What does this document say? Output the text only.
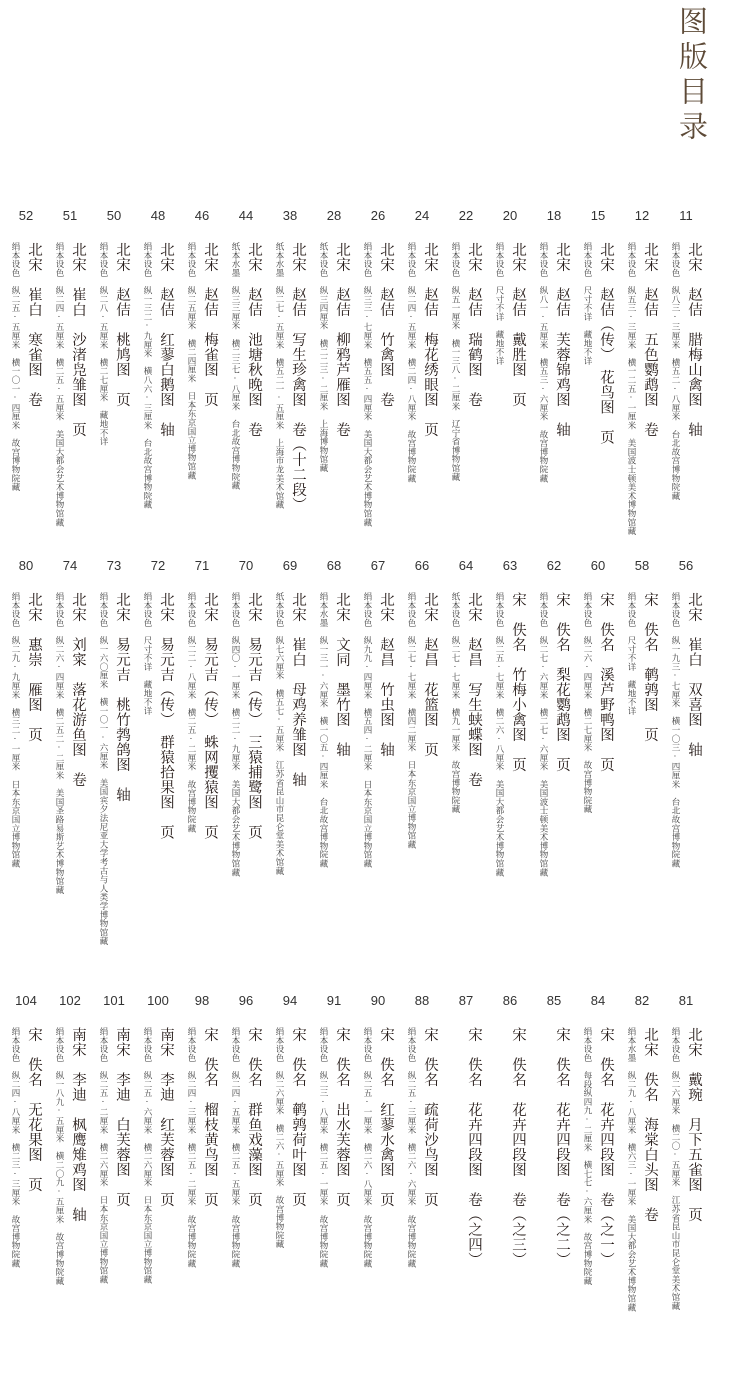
图版目录
11
北宋　赵佶　腊梅山禽图　轴
绢本设色　纵八三·三厘米　横五二·八厘米　台北故宫博物院藏
12
北宋　赵佶　五色鹦鹉图　卷
绢本设色　纵五三·三厘米　横一二五·一厘米　美国波士顿美术博物馆藏
15
北宋　赵佶（传）　花鸟图　页
绢本设色　尺寸不详　藏地不详
18
北宋　赵佶　芙蓉锦鸡图　轴
绢本设色　纵八一·五厘米　横五三·六厘米　故宫博物院藏
20
北宋　赵佶　戴胜图　页
绢本设色　尺寸不详　藏地不详
22
北宋　赵佶　瑞鹤图　卷
绢本设色　纵五一厘米　横一三八·二厘米　辽宁省博物馆藏
24
北宋　赵佶　梅花绣眼图　页
绢本设色　纵二四·五厘米　横二四·八厘米　故宫博物院藏
26
北宋　赵佶　竹禽图　卷
绢本设色　纵三三·七厘米　横五五·四厘米　美国大都会艺术博物馆藏
28
北宋　赵佶　柳鸦芦雁图　卷
纸本设色　纵三四厘米　横二二三·二厘米　上海博物馆藏
38
北宋　赵佶　写生珍禽图　卷（十二段）
纸本水墨　纵二七·五厘米　横五二一·五厘米　上海市龙美术馆藏
44
北宋　赵佶　池塘秋晚图　卷
纸本水墨　纵三三厘米　横二三七·八厘米　台北故宫博物院藏
46
北宋　赵佶　梅雀图　页
绢本设色　纵二五厘米　横二四厘米　日本东京国立博物馆藏
48
北宋　赵佶　红蓼白鹅图　轴
绢本设色　纵一三二·九厘米　横八六·三厘米　台北故宫博物院藏
50
北宋　赵佶　桃鸠图　页
绢本设色　纵二八·五厘米　横二七厘米　藏地不详
51
北宋　崔白　沙渚凫雏图　页
绢本设色　纵二四·五厘米　横二五·五厘米　美国大都会艺术博物馆藏
52
北宋　崔白　寒雀图　卷
绢本设色　纵二五·五厘米　横一〇一·四厘米　故宫博物院藏
56
北宋　崔白　双喜图　轴
绢本设色　纵一九三·七厘米　横一〇三·四厘米　台北故宫博物院藏
58
宋　佚名　鹌鹑图　页
绢本设色　尺寸不详　藏地不详
60
宋　佚名　溪芦野鸭图　页
绢本设色　纵二六·四厘米　横二七厘米　故宫博物院藏
62
宋　佚名　梨花鹦鹉图　页
绢本设色　纵二七·六厘米　横二七·六厘米　美国波士顿美术博物馆藏
63
宋　佚名　竹梅小禽图　页
绢本设色　纵二五·七厘米　横二六·八厘米　美国大都会艺术博物馆藏
64
北宋　赵昌　写生蛱蝶图　卷
纸本设色　纵二七·七厘米　横九一厘米　故宫博物院藏
66
北宋　赵昌　花篮图　页
绢本设色　纵二七·七厘米　横四二厘米　日本东京国立博物馆藏
67
北宋　赵昌　竹虫图　轴
绢本设色　纵九九·四厘米　横五四·二厘米　日本东京国立博物馆藏
68
北宋　文同　墨竹图　轴
绢本水墨　纵一三一·六厘米　横一〇五·四厘米　台北故宫博物院藏
69
北宋　崔白　母鸡养雏图　轴
纸本设色　纵七六厘米　横五七·五厘米　江苏省昆山市昆仑堂美术馆藏
70
北宋　易元吉（传）　三猿捕鹭图　页
绢本设色　纵四〇·一厘米　横二二·九厘米　美国大都会艺术博物馆藏
71
北宋　易元吉（传）　蛛网攫猿图　页
绢本设色　纵二二·八厘米　横二五·二厘米　故宫博物院藏
72
北宋　易元吉（传）　群猿拾果图　页
绢本设色　尺寸不详　藏地不详
73
北宋　易元吉　桃竹鹁鸽图　轴
绢本设色　纵一六〇厘米　横一〇一·六厘米　美国宾夕法尼亚大学考古与人类学博物馆藏
74
北宋　刘寀　落花游鱼图　卷
绢本设色　纵二六·四厘米　横二五二·二厘米　美国圣路易斯艺术博物馆藏
80
北宋　惠崇　雁图　页
绢本设色　纵二九·九厘米　横三二·一厘米　日本东京国立博物馆藏
81
北宋　戴琬　月下五雀图　页
绢本设色　纵二六厘米　横二〇·五厘米　江苏省昆山市昆仑堂美术馆藏
82
北宋　佚名　海棠白头图　卷
绢本水墨　纵二九·八厘米　横六三·一厘米　美国大都会艺术博物馆藏
84
宋　佚名　花卉四段图　卷（之一）
绢本设色　每段纵四九·二厘米　横七七·六厘米　故宫博物院藏
85
宋　佚名　花卉四段图　卷（之二）
86
宋　佚名　花卉四段图　卷（之三）
87
宋　佚名　花卉四段图　卷（之四）
88
宋　佚名　疏荷沙鸟图　页
绢本设色　纵二五·三厘米　横二六·六厘米　故宫博物院藏
90
宋　佚名　红蓼水禽图　页
绢本设色　纵二五·一厘米　横二六·八厘米　故宫博物院藏
91
宋　佚名　出水芙蓉图　页
绢本设色　纵二三·八厘米　横二五·一厘米　故宫博物院藏
94
宋　佚名　鹌鹑荷叶图　页
绢本设色　纵二六厘米　横二六·五厘米　故宫博物院藏
96
宋　佚名　群鱼戏藻图　页
绢本设色　纵二四·五厘米　横二五·五厘米　故宫博物院藏
98
宋　佚名　榴枝黄鸟图　页
绢本设色　纵二四·三厘米　横二五·二厘米　故宫博物院藏
100
南宋　李迪　红芙蓉图　页
绢本设色　纵二五·六厘米　横二六厘米　日本东京国立博物馆藏
101
南宋　李迪　白芙蓉图　页
绢本设色　纵二五·二厘米　横二六厘米　日本东京国立博物馆藏
102
南宋　李迪　枫鹰雉鸡图　轴
绢本设色　纵一八九·五厘米　横二〇九·五厘米　故宫博物院藏
104
宋　佚名　无花果图　页
绢本设色　纵二四·八厘米　横二三·三厘米　故宫博物院藏
